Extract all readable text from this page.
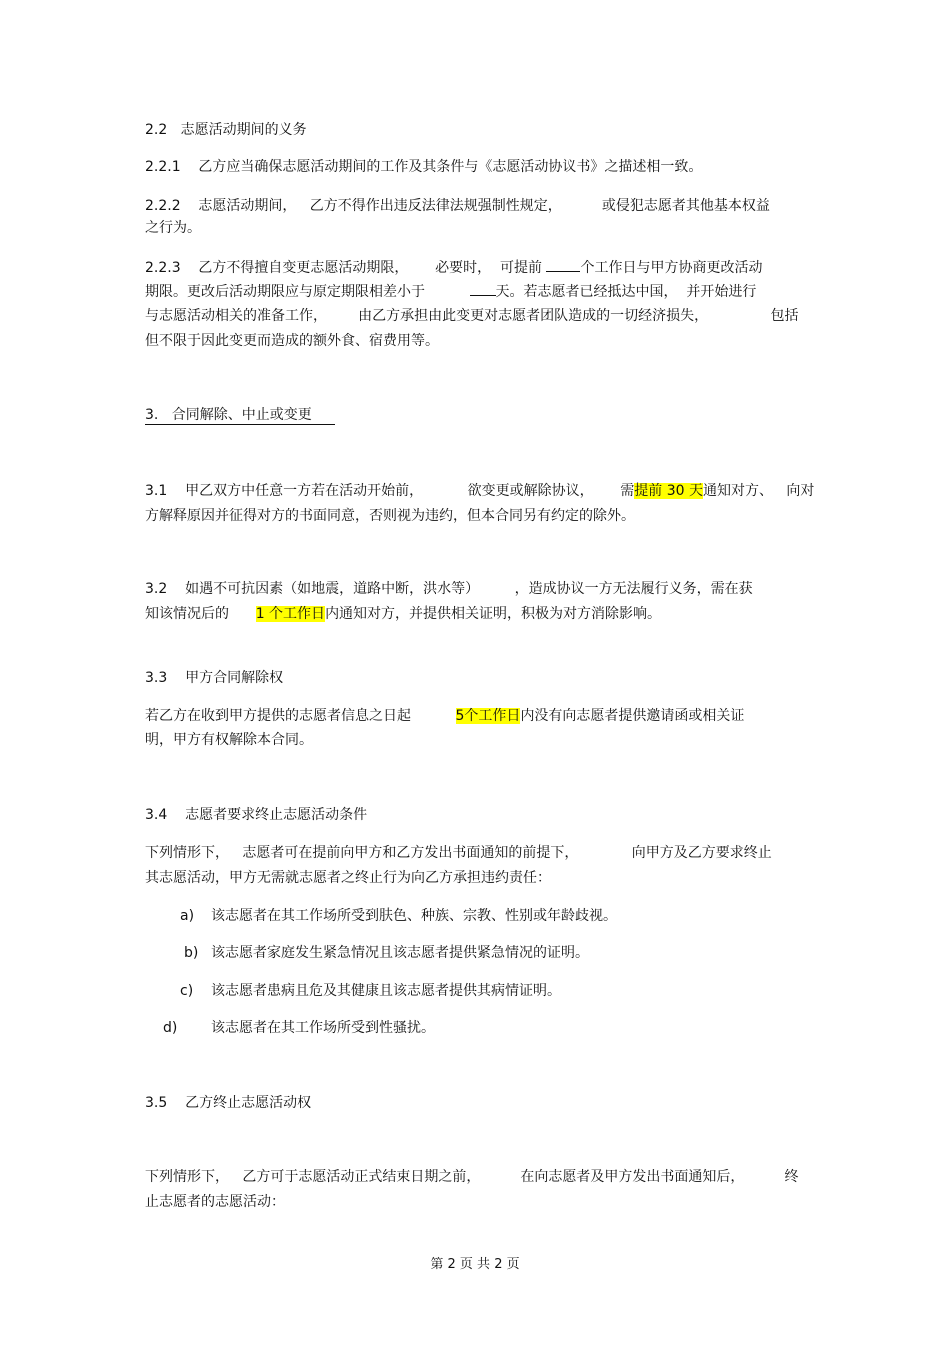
2.2   志愿活动期间的义务
2.2.1    乙方应当确保志愿活动期间的工作及其条件与《志愿活动协议书》之描述相一致。
2.2.2    志愿活动期间，   乙方不得作出违反法律法规强制性规定，         或侵犯志愿者其他基本权益
之行为。
2.2.3    乙方不得擅自变更志愿活动期限，      必要时，  可提前 个工作日与甲方协商更改活动
期限。更改后活动期限应与原定期限相差小于          天。若志愿者已经抵达中国，  并开始进行
与志愿活动相关的准备工作，       由乙方承担由此变更对志愿者团队造成的一切经济损失，              包括
但不限于因此变更而造成的额外食、宿费用等。
3.   合同解除、中止或变更
3.1    甲乙双方中任意一方若在活动开始前，          欲变更或解除协议，      需提前 30 天通知对方、   向对
方解释原因并征得对方的书面同意，否则视为违约，但本合同另有约定的除外。
3.2    如遇不可抗因素（如地震，道路中断，洪水等）        ，造成协议一方无法履行义务，需在获
知该情况后的      1 个工作日内通知对方，并提供相关证明，积极为对方消除影响。
3.3    甲方合同解除权
若乙方在收到甲方提供的志愿者信息之日起          5个工作日内没有向志愿者提供邀请函或相关证
明，甲方有权解除本合同。
3.4    志愿者要求终止志愿活动条件
下列情形下，   志愿者可在提前向甲方和乙方发出书面通知的前提下，            向甲方及乙方要求终止
其志愿活动，甲方无需就志愿者之终止行为向乙方承担违约责任：
a) 该志愿者在其工作场所受到肤色、种族、宗教、性别或年龄歧视。
b) 该志愿者家庭发生紧急情况且该志愿者提供紧急情况的证明。
c) 该志愿者患病且危及其健康且该志愿者提供其病情证明。
d) 该志愿者在其工作场所受到性骚扰。
3.5    乙方终止志愿活动权
下列情形下，   乙方可于志愿活动正式结束日期之前，         在向志愿者及甲方发出书面通知后，         终
止志愿者的志愿活动：
第 2 页 共 2 页
